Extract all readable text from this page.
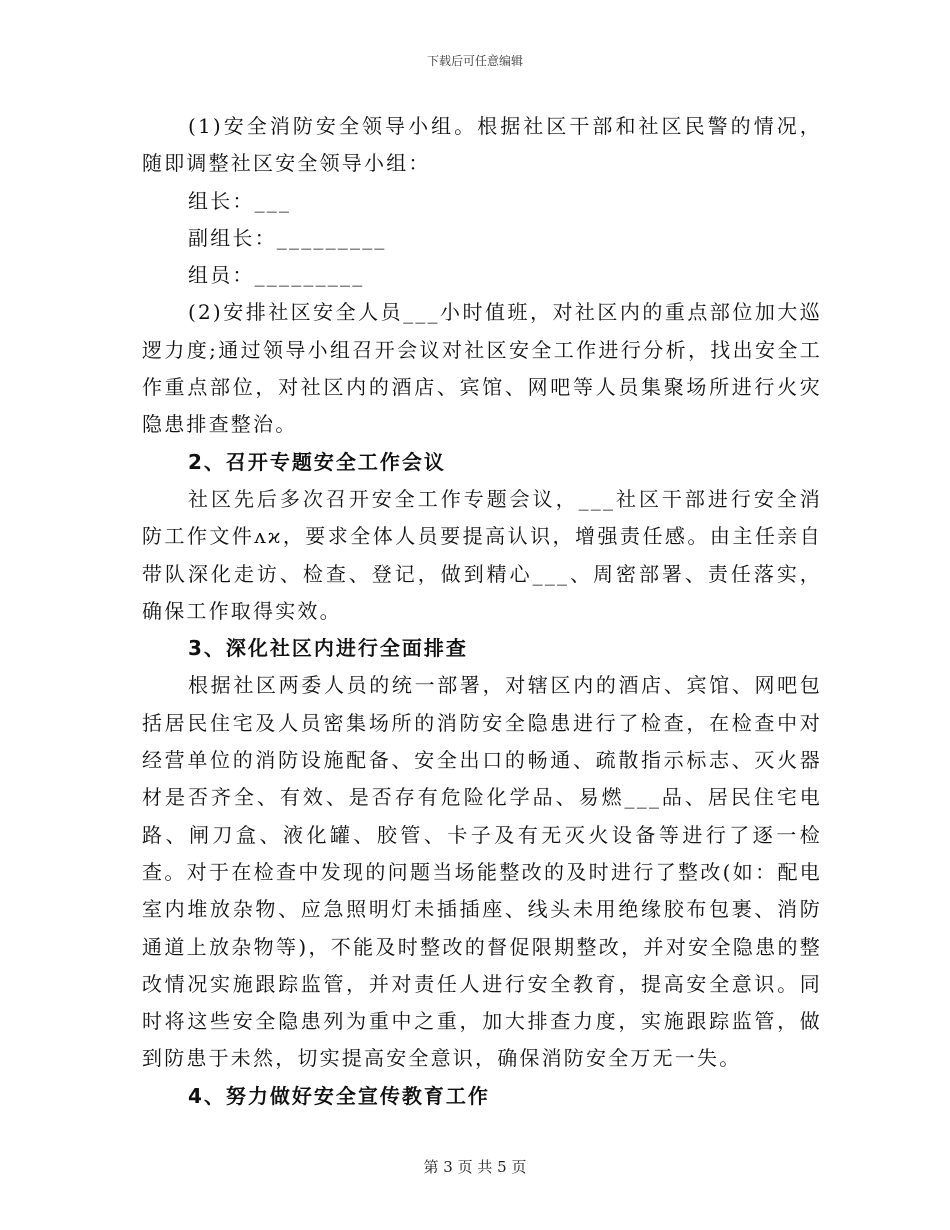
下载后可任意编辑

(1)安全消防安全领导小组。根据社区干部和社区民警的情况，随即调整社区安全领导小组：

组长：___
副组长：_________
组员：_________

(2)安排社区安全人员___小时值班，对社区内的重点部位加大巡逻力度;通过领导小组召开会议对社区安全工作进行分析，找出安全工作重点部位，对社区内的酒店、宾馆、网吧等人员集聚场所进行火灾隐患排查整治。

2、召开专题安全工作会议

社区先后多次召开安全工作专题会议，___社区干部进行安全消防工作文件ʌϰ，要求全体人员要提高认识，增强责任感。由主任亲自带队深化走访、检查、登记，做到精心___、周密部署、责任落实，确保工作取得实效。

3、深化社区内进行全面排查

根据社区两委人员的统一部署，对辖区内的酒店、宾馆、网吧包括居民住宅及人员密集场所的消防安全隐患进行了检查，在检查中对经营单位的消防设施配备、安全出口的畅通、疏散指示标志、灭火器材是否齐全、有效、是否存有危险化学品、易燃___品、居民住宅电路、闸刀盒、液化罐、胶管、卡子及有无灭火设备等进行了逐一检查。对于在检查中发现的问题当场能整改的及时进行了整改(如：配电室内堆放杂物、应急照明灯未插插座、线头未用绝缘胶布包裹、消防通道上放杂物等)，不能及时整改的督促限期整改，并对安全隐患的整改情况实施跟踪监管，并对责任人进行安全教育，提高安全意识。同时将这些安全隐患列为重中之重，加大排查力度，实施跟踪监管，做到防患于未然，切实提高安全意识，确保消防安全万无一失。

4、努力做好安全宣传教育工作
第 3 页 共 5 页
